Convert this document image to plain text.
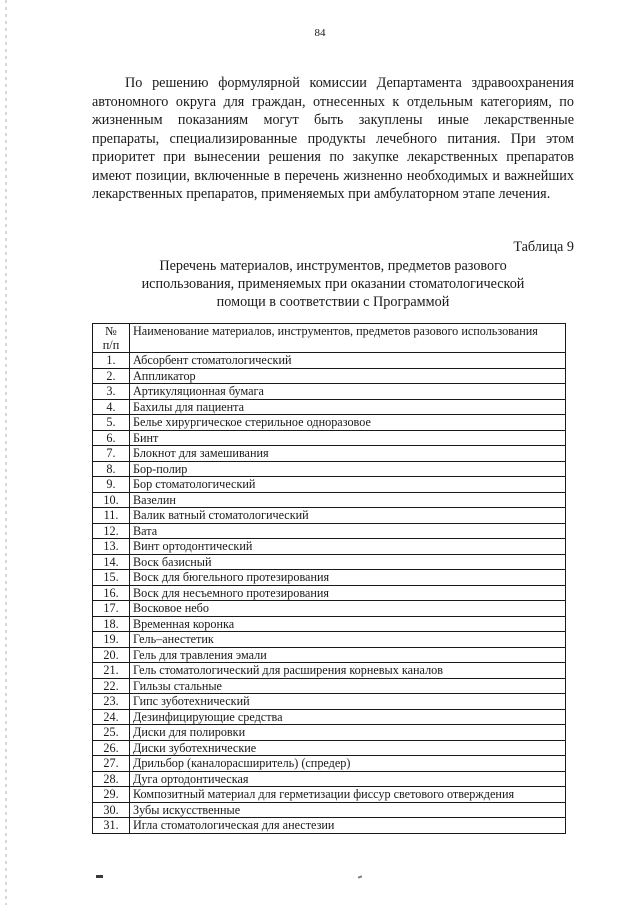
84

По решению формулярной комиссии Департамента здравоохранения автономного округа для граждан, отнесенных к отдельным категориям, по жизненным показаниям могут быть закуплены иные лекарственные препараты, специализированные продукты лечебного питания. При этом приоритет при вынесении решения по закупке лекарственных препаратов имеют позиции, включенные в перечень жизненно необходимых и важнейших лекарственных препаратов, применяемых при амбулаторном этапе лечения.

Таблица 9
Перечень материалов, инструментов, предметов разового
использования, применяемых при оказании стоматологической
помощи в соответствии с Программой
№
п/п	Наименование материалов, инструментов, предметов разового использования
1.	Абсорбент стоматологический
2.	Аппликатор
3.	Артикуляционная бумага
4.	Бахилы для пациента
5.	Белье хирургическое стерильное одноразовое
6.	Бинт
7.	Блокнот для замешивания
8.	Бор-полир
9.	Бор стоматологический
10.	Вазелин
11.	Валик ватный стоматологический
12.	Вата
13.	Винт ортодонтический
14.	Воск базисный
15.	Воск для бюгельного протезирования
16.	Воск для несъемного протезирования
17.	Восковое небо
18.	Временная коронка
19.	Гель–анестетик
20.	Гель для травления эмали
21.	Гель стоматологический для расширения корневых каналов
22.	Гильзы стальные
23.	Гипс зуботехнический
24.	Дезинфицирующие средства
25.	Диски для полировки
26.	Диски зуботехнические
27.	Дрильбор (каналорасширитель) (спредер)
28.	Дуга ортодонтическая
29.	Композитный материал для герметизации фиссур светового отверждения
30.	Зубы искусственные
31.	Игла стоматологическая для анестезии
